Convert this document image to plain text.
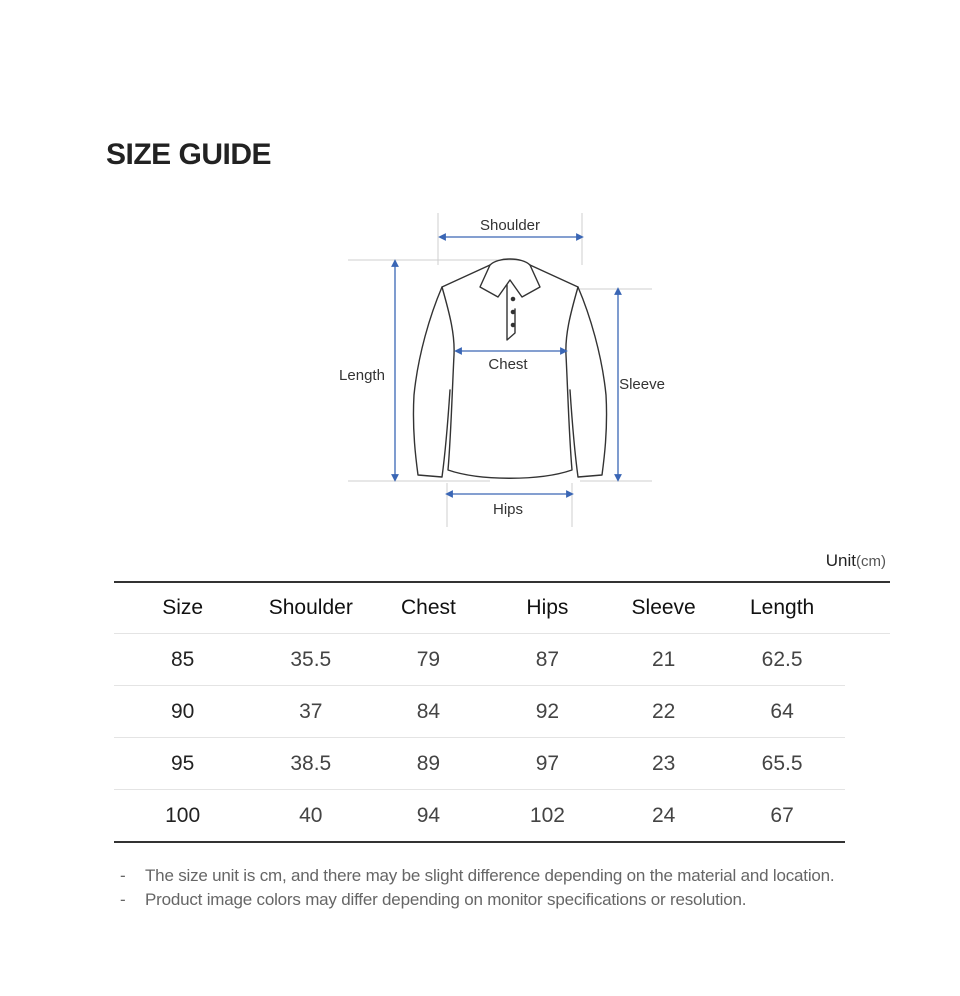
SIZE GUIDE
Shoulder
Chest
Length
Sleeve
Hips
Unit(cm)
Size	Shoulder	Chest	Hips	Sleeve	Length	
85	35.5	79	87	21	62.5	
90	37	84	92	22	64	
95	38.5	89	97	23	65.5	
100	40	94	102	24	67	
-	The size unit is cm, and there may be slight difference depending on the material and location.
-	Product image colors may differ depending on monitor specifications or resolution.
